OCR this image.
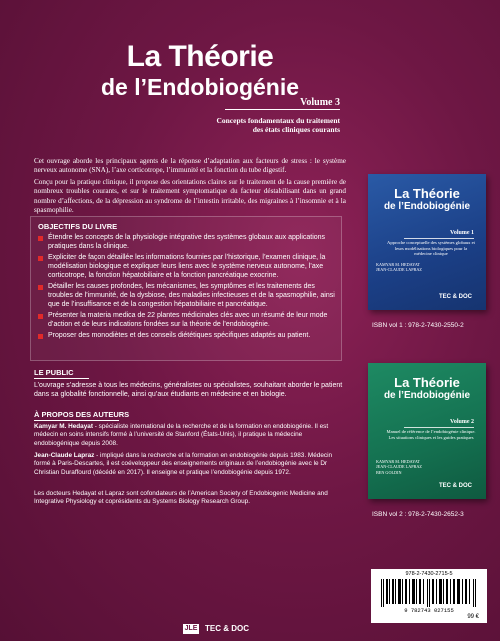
La Théorie
de l’Endobiogénie
Volume 3
Concepts fondamentaux du traitement des états cliniques courants

Cet ouvrage aborde les principaux agents de la réponse d’adaptation aux facteurs de stress : le système nerveux autonome (SNA), l’axe corticotrope, l’immunité et la fonction du tube digestif.

Conçu pour la pratique clinique, il propose des orientations claires sur le traitement de la cause première de nombreux troubles courants, et sur le traitement symptomatique du facteur déstabilisant dans un grand nombre d’affections, de la dépression au syndrome de l’intestin irritable, des migraines à l’insomnie et à la spasmophilie.

OBJECTIFS DU LIVRE
Étendre les concepts de la physiologie intégrative des systèmes globaux aux applications pratiques dans la clinique.
Expliciter de façon détaillée les informations fournies par l’historique, l’examen clinique, la modélisation biologique et expliquer leurs liens avec le système nerveux autonome, l’axe corticotrope, la fonction hépatobiliaire et la fonction pancréatique exocrine.
Détailler les causes profondes, les mécanismes, les symptômes et les traitements des troubles de l’immunité, de la dysbiose, des maladies infectieuses et de la spasmophilie, ainsi que de l’insuffisance et de la congestion hépatobiliaire et pancréatique.
Présenter la materia medica de 22 plantes médicinales clés avec un résumé de leur mode d’action et de leurs indications fondées sur la théorie de l’endobiogénie.
Proposer des monodiètes et des conseils diététiques spécifiques adaptés au patient.
LE PUBLIC

L’ouvrage s’adresse à tous les médecins, généralistes ou spécialistes, souhaitant aborder le patient dans sa globalité fonctionnelle, ainsi qu’aux étudiants en médecine et en biologie.

À PROPOS DES AUTEURS

Kamyar M. Hedayat - spécialiste international de la recherche et de la formation en endobiogénie. Il est médecin en soins intensifs formé à l’université de Stanford (États-Unis), il pratique la médecine endobiogénique depuis 2008.

Jean-Claude Lapraz - impliqué dans la recherche et la formation en endobiogénie depuis 1983. Médecin formé à Paris-Descartes, il est coéveloppeur des enseignements originaux de l’endobiogénie avec le Dr Christian Duraffourd (décédé en 2017). Il enseigne et pratique l’endobiogénie depuis 1972.

Les docteurs Hedayat et Lapraz sont cofondateurs de l’American Society of Endobiogenic Medicine and Integrative Physiology et coprésidents du Systems Biology Research Group.

La Théorie
de l’Endobiogénie
Volume 1
Approche conceptuelle des systèmes globaux et leurs modélisations biologiques pour la médecine clinique
KAMYAR M. HEDAYAT
JEAN-CLAUDE LAPRAZ
TEC & DOC
ISBN vol 1 : 978-2-7430-2550-2
La Théorie
de l’Endobiogénie
Volume 2
Manuel de référence de l’endobiogénie clinique. Les situations cliniques et les guides pratiques
KAMYAR M. HEDAYAT
JEAN-CLAUDE LAPRAZ
BEN GOLDIN
TEC & DOC
ISBN vol 2 : 978-2-7430-2652-3
978-2-7430-2715-5
9 782743 027155
99 €
JLE TEC & DOC
